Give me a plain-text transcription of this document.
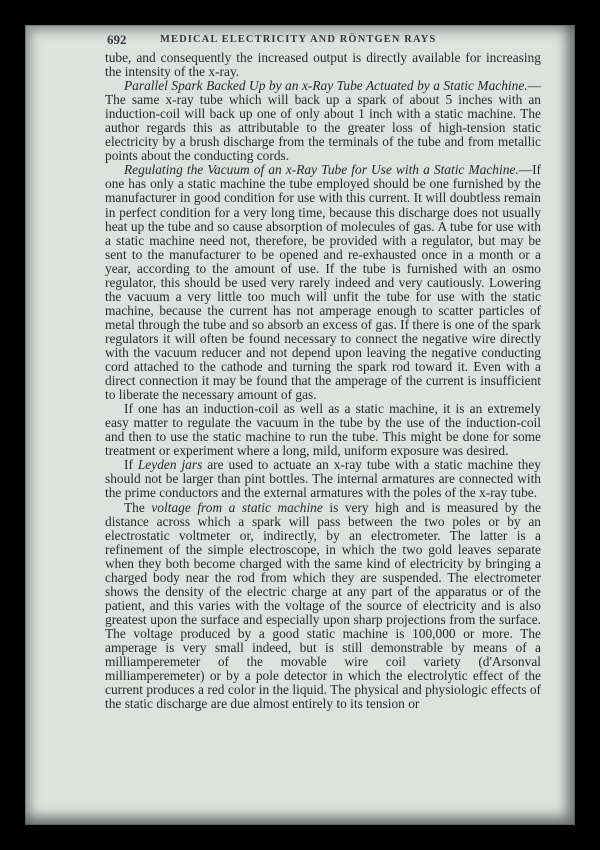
692	MEDICAL ELECTRICITY AND RÖNTGEN RAYS

tube, and consequently the increased output is directly available for increasing the intensity of the x-ray.

Parallel Spark Backed Up by an x-Ray Tube Actuated by a Static Machine.—The same x-ray tube which will back up a spark of about 5 inches with an induction-coil will back up one of only about 1 inch with a static machine. The author regards this as attributable to the greater loss of high-tension static electricity by a brush discharge from the terminals of the tube and from metallic points about the conducting cords.

Regulating the Vacuum of an x-Ray Tube for Use with a Static Machine.—If one has only a static machine the tube employed should be one furnished by the manufacturer in good condition for use with this current. It will doubtless remain in perfect condition for a very long time, because this discharge does not usually heat up the tube and so cause absorption of molecules of gas. A tube for use with a static machine need not, therefore, be provided with a regulator, but may be sent to the manufacturer to be opened and re-exhausted once in a month or a year, according to the amount of use. If the tube is furnished with an osmo regulator, this should be used very rarely indeed and very cautiously. Lowering the vacuum a very little too much will unfit the tube for use with the static machine, because the current has not amperage enough to scatter particles of metal through the tube and so absorb an excess of gas. If there is one of the spark regulators it will often be found necessary to connect the negative wire directly with the vacuum reducer and not depend upon leaving the negative conducting cord attached to the cathode and turning the spark rod toward it. Even with a direct connection it may be found that the amperage of the current is insufficient to liberate the necessary amount of gas.

If one has an induction-coil as well as a static machine, it is an extremely easy matter to regulate the vacuum in the tube by the use of the induction-coil and then to use the static machine to run the tube. This might be done for some treatment or experiment where a long, mild, uniform exposure was desired.

If Leyden jars are used to actuate an x-ray tube with a static machine they should not be larger than pint bottles. The internal armatures are connected with the prime conductors and the external armatures with the poles of the x-ray tube.

The voltage from a static machine is very high and is measured by the distance across which a spark will pass between the two poles or by an electrostatic voltmeter or, indirectly, by an electrometer. The latter is a refinement of the simple electroscope, in which the two gold leaves separate when they both become charged with the same kind of electricity by bringing a charged body near the rod from which they are suspended. The electrometer shows the density of the electric charge at any part of the apparatus or of the patient, and this varies with the voltage of the source of electricity and is also greatest upon the surface and especially upon sharp projections from the surface. The voltage produced by a good static machine is 100,000 or more. The amperage is very small indeed, but is still demonstrable by means of a milliamperemeter of the movable wire coil variety (d'Arsonval milliamperemeter) or by a pole detector in which the electrolytic effect of the current produces a red color in the liquid. The physical and physiologic effects of the static discharge are due almost entirely to its tension or
